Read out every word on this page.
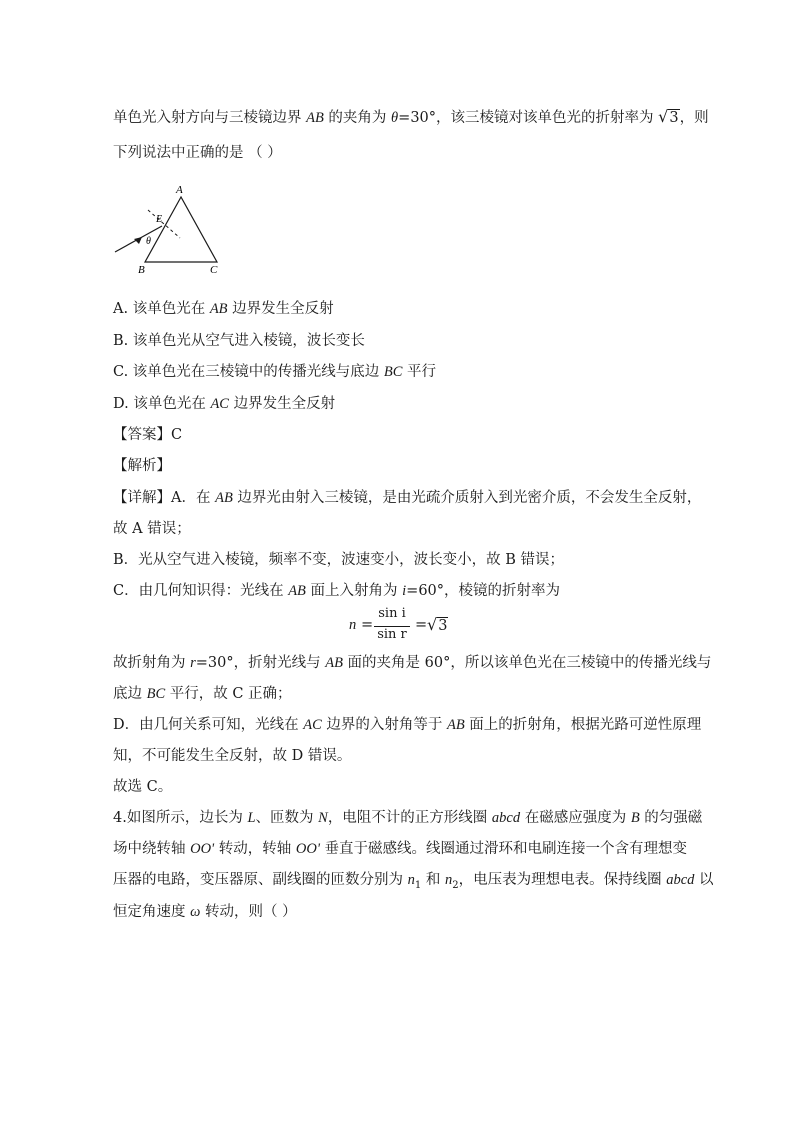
单色光入射方向与三棱镜边界 AB 的夹角为 θ=30°，该三棱镜对该单色光的折射率为 √3，则
下列说法中正确的是 （ ）
A
B	C
E
θ
A. 该单色光在 AB 边界发生全反射
B. 该单色光从空气进入棱镜，波长变长
C. 该单色光在三棱镜中的传播光线与底边 BC 平行
D. 该单色光在 AC 边界发生全反射
【答案】C
【解析】
【详解】A．在 AB 边界光由射入三棱镜，是由光疏介质射入到光密介质，不会发生全反射，
故 A 错误；
B．光从空气进入棱镜，频率不变，波速变小，波长变小，故 B 错误；
C．由几何知识得：光线在 AB 面上入射角为 i=60°，棱镜的折射率为
n =
sin i
sin r
= √3
故折射角为 r=30°，折射光线与 AB 面的夹角是 60°，所以该单色光在三棱镜中的传播光线与
底边 BC 平行，故 C 正确；
D．由几何关系可知，光线在 AC 边界的入射角等于 AB 面上的折射角，根据光路可逆性原理
知，不可能发生全反射，故 D 错误。
故选 C。
4.如图所示，边长为 L、匝数为 N，电阻不计的正方形线圈 abcd 在磁感应强度为 B 的匀强磁
场中绕转轴 OO' 转动，转轴 OO' 垂直于磁感线。线圈通过滑环和电刷连接一个含有理想变
压器的电路，变压器原、副线圈的匝数分别为 $n_1$ 和 $n_2$，电压表为理想电表。保持线圈 abcd 以
恒定角速度 ω 转动，则（ ）
